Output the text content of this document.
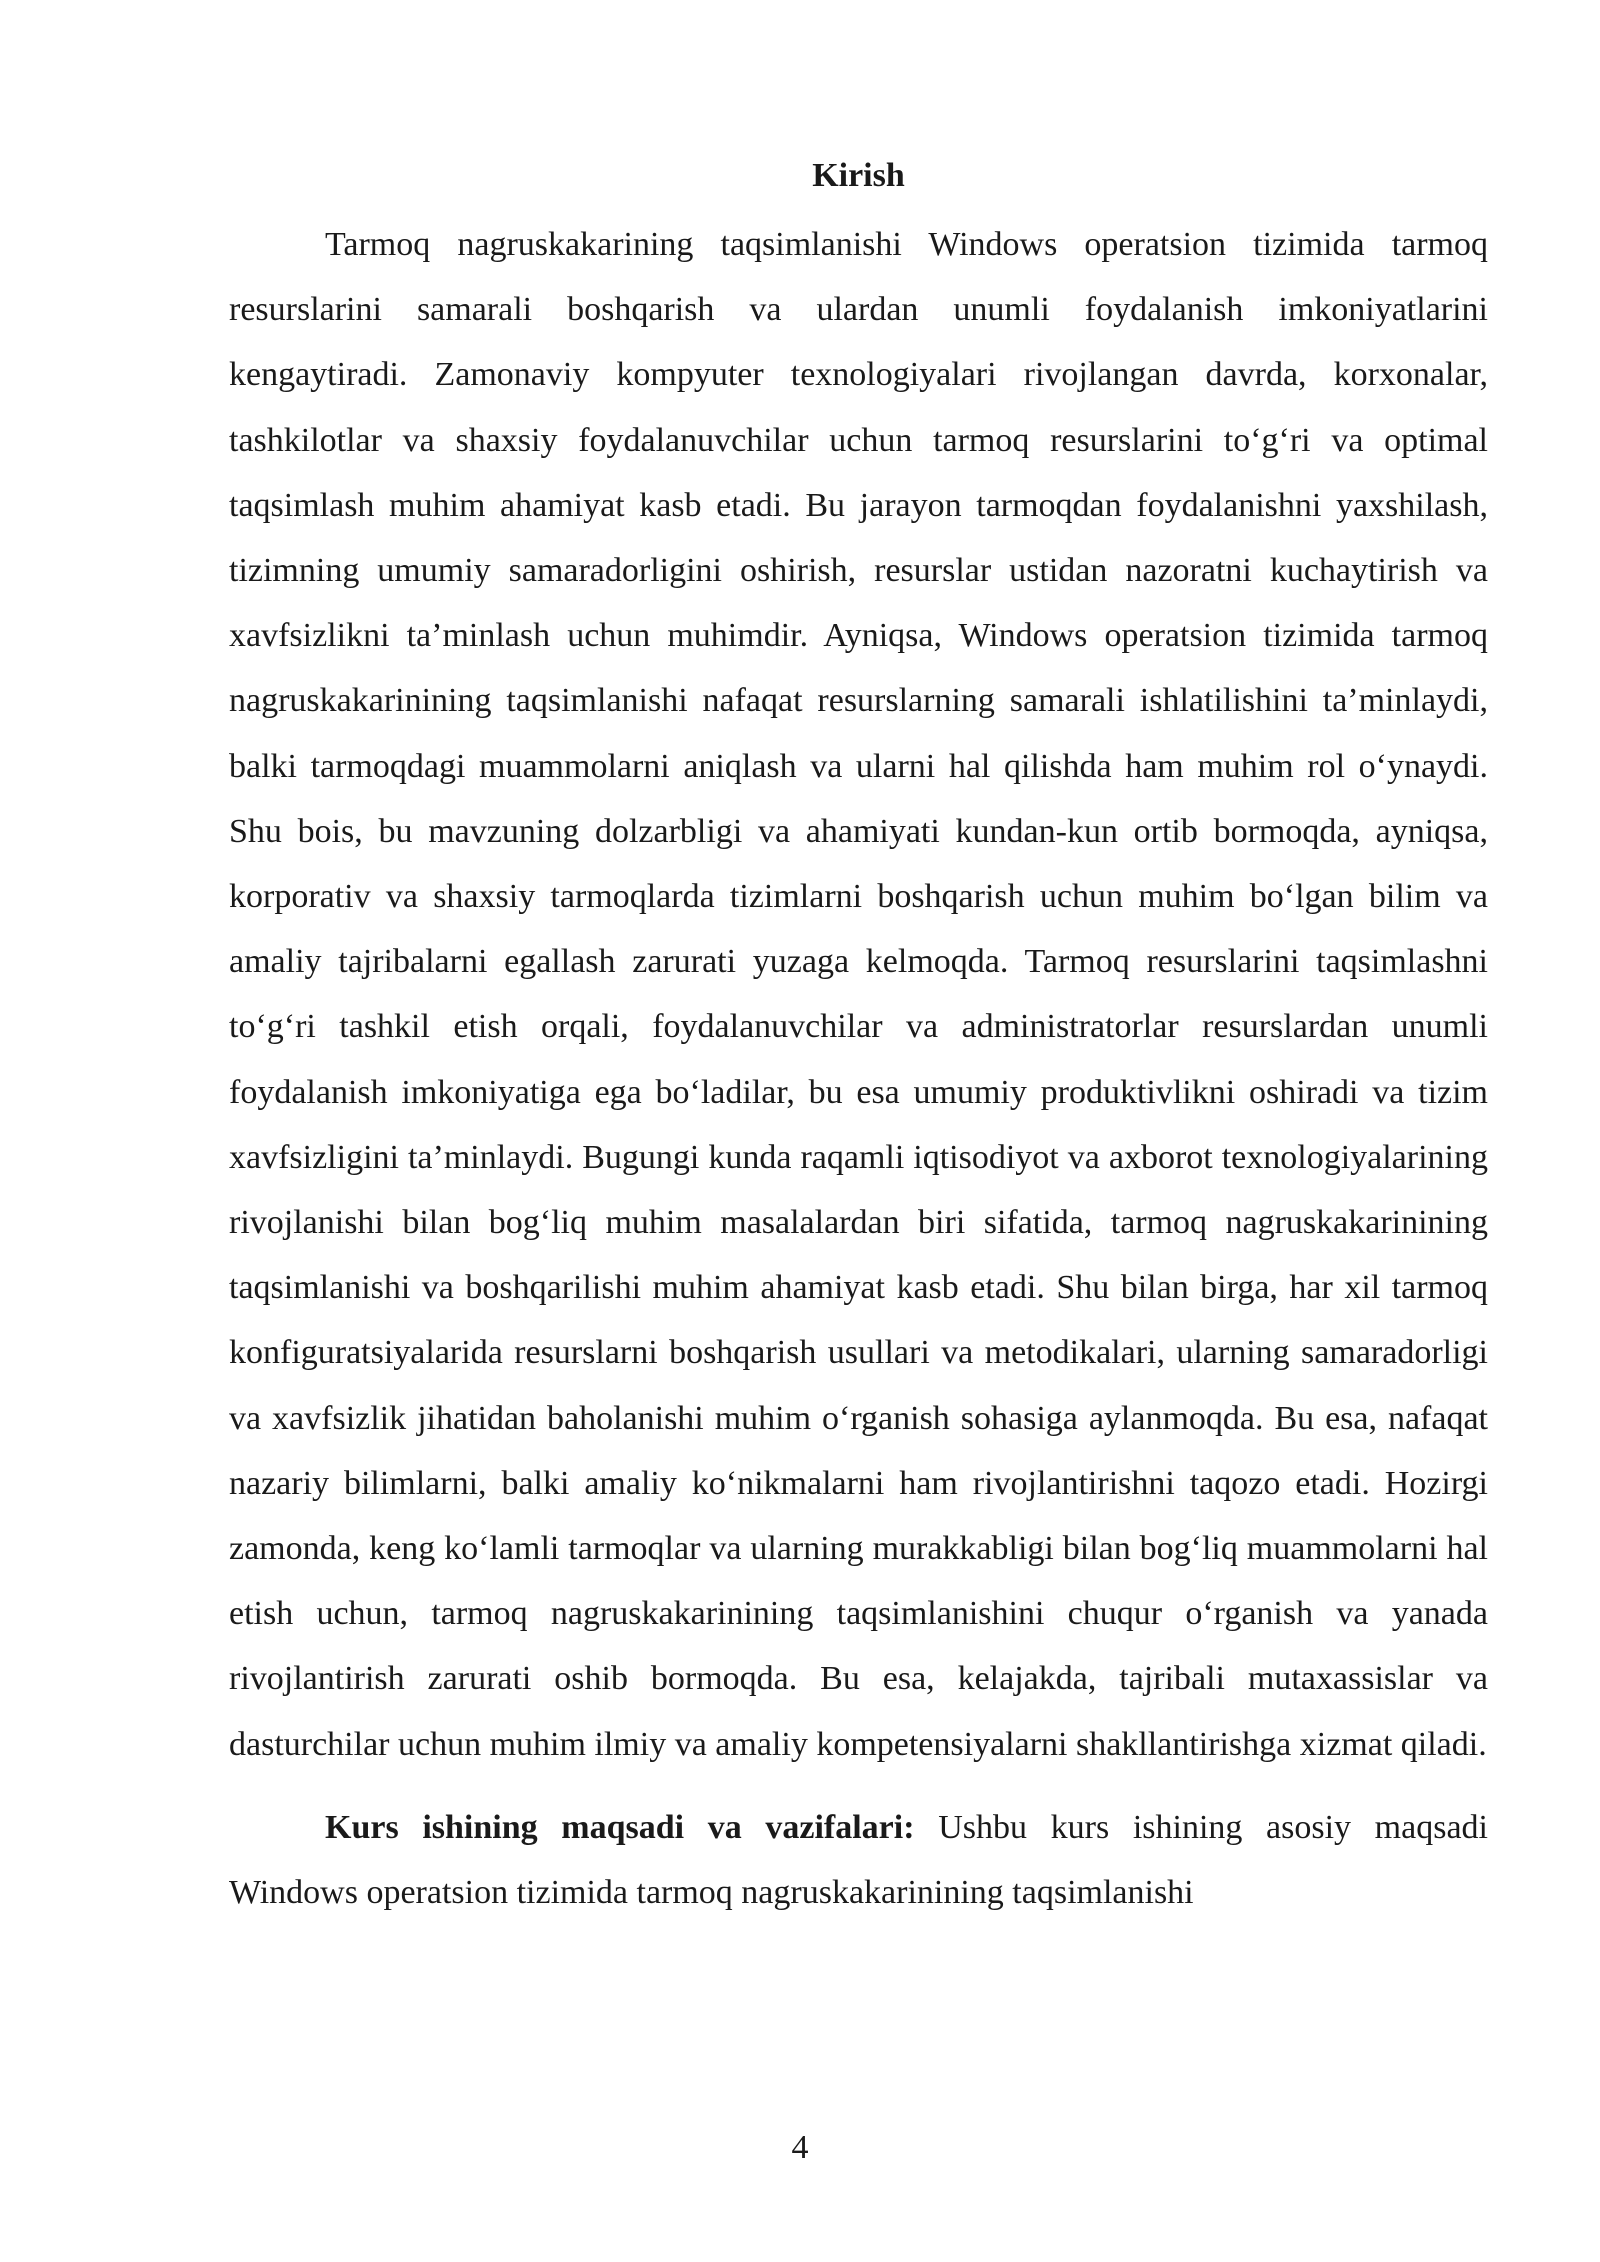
Kirish

Tarmoq nagruskakarining taqsimlanishi Windows operatsion tizimida tarmoq resurslarini samarali boshqarish va ulardan unumli foydalanish imkoniyatlarini kengaytiradi. Zamonaviy kompyuter texnologiyalari rivojlangan davrda, korxonalar, tashkilotlar va shaxsiy foydalanuvchilar uchun tarmoq resurslarini to‘g‘ri va optimal taqsimlash muhim ahamiyat kasb etadi. Bu jarayon tarmoqdan foydalanishni yaxshilash, tizimning umumiy samaradorligini oshirish, resurslar ustidan nazoratni kuchaytirish va xavfsizlikni ta’minlash uchun muhimdir. Ayniqsa, Windows operatsion tizimida tarmoq nagruskakarinining taqsimlanishi nafaqat resurslarning samarali ishlatilishini ta’minlaydi, balki tarmoqdagi muammolarni aniqlash va ularni hal qilishda ham muhim rol o‘ynaydi. Shu bois, bu mavzuning dolzarbligi va ahamiyati kundan-kun ortib bormoqda, ayniqsa, korporativ va shaxsiy tarmoqlarda tizimlarni boshqarish uchun muhim bo‘lgan bilim va amaliy tajribalarni egallash zarurati yuzaga kelmoqda. Tarmoq resurslarini taqsimlashni to‘g‘ri tashkil etish orqali, foydalanuvchilar va administratorlar resurslardan unumli foydalanish imkoniyatiga ega bo‘ladilar, bu esa umumiy produktivlikni oshiradi va tizim xavfsizligini ta’minlaydi. Bugungi kunda raqamli iqtisodiyot va axborot texnologiyalarining rivojlanishi bilan bog‘liq muhim masalalardan biri sifatida, tarmoq nagruskakarinining taqsimlanishi va boshqarilishi muhim ahamiyat kasb etadi. Shu bilan birga, har xil tarmoq konfiguratsiyalarida resurslarni boshqarish usullari va metodikalari, ularning samaradorligi va xavfsizlik jihatidan baholanishi muhim o‘rganish sohasiga aylanmoqda. Bu esa, nafaqat nazariy bilimlarni, balki amaliy ko‘nikmalarni ham rivojlantirishni taqozo etadi. Hozirgi zamonda, keng ko‘lamli tarmoqlar va ularning murakkabligi bilan bog‘liq muammolarni hal etish uchun, tarmoq nagruskakarinining taqsimlanishini chuqur o‘rganish va yanada rivojlantirish zarurati oshib bormoqda. Bu esa, kelajakda, tajribali mutaxassislar va dasturchilar uchun muhim ilmiy va amaliy kompetensiyalarni shakllantirishga xizmat qiladi.

Kurs ishining maqsadi va vazifalari: Ushbu kurs ishining asosiy maqsadi Windows operatsion tizimida tarmoq nagruskakarinining taqsimlanishi

4
